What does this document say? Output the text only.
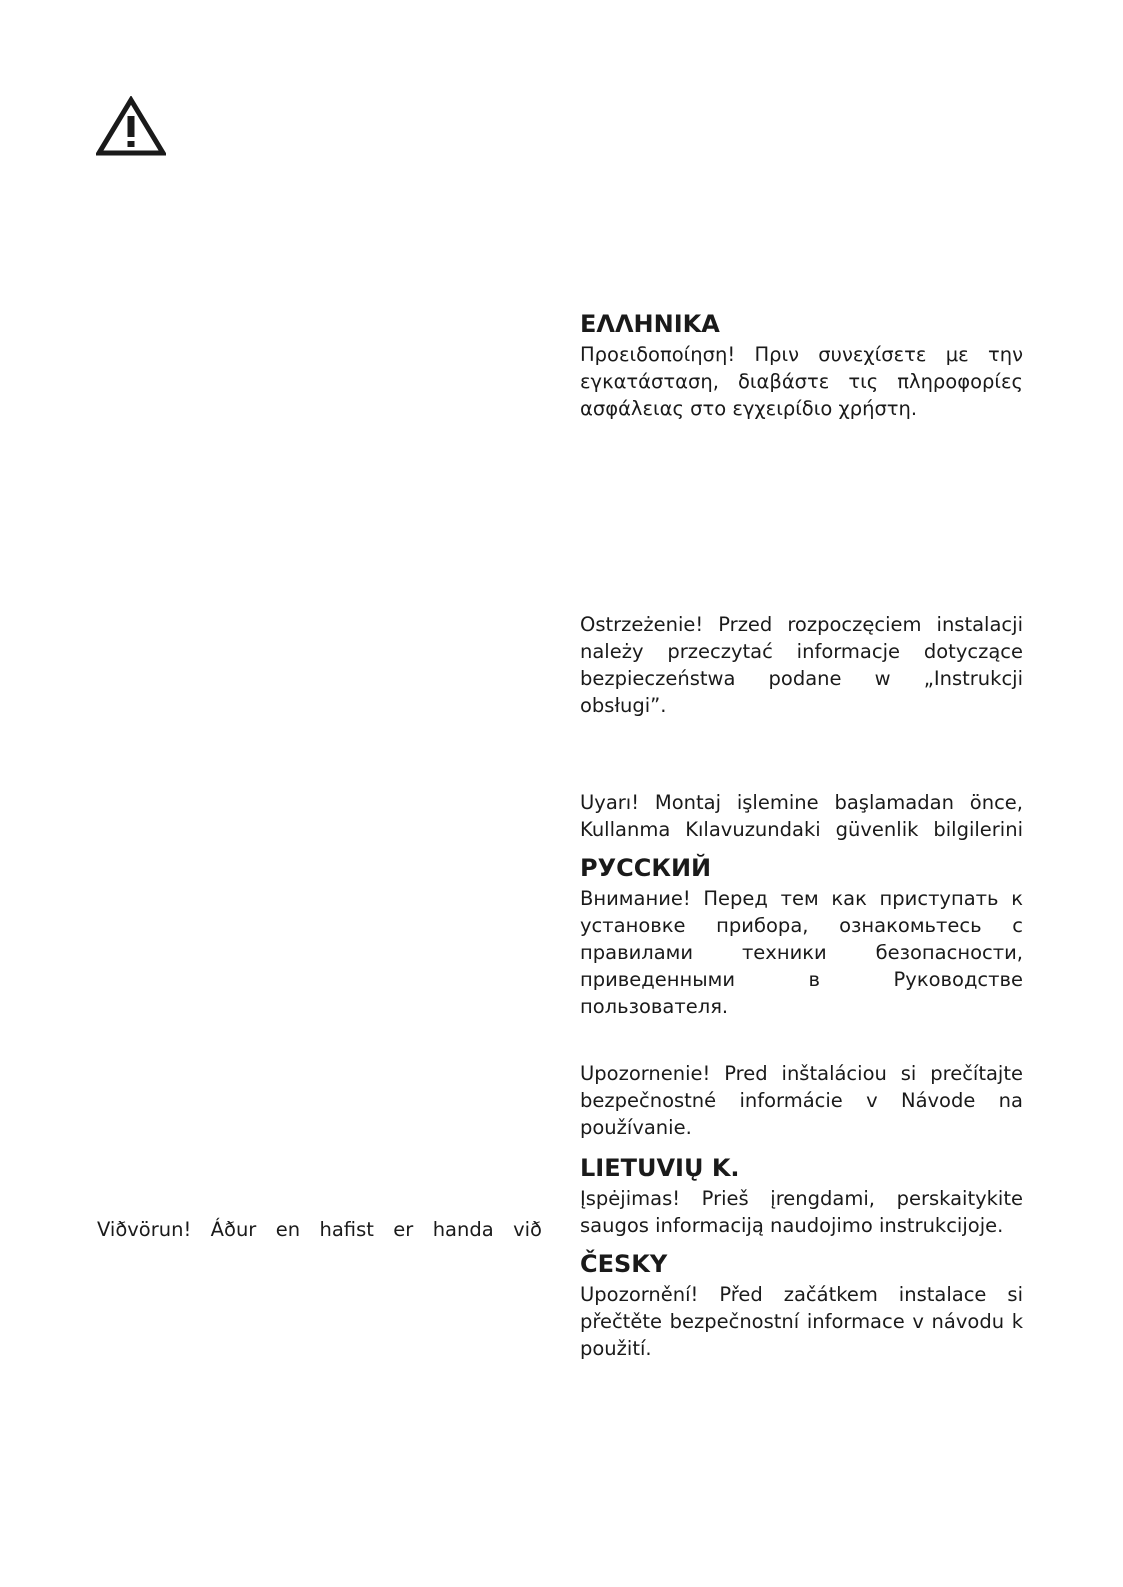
ΕΛΛΗΝΙΚΑ

Προειδοποίηση! Πριν συνεχίσετε με την εγκατάσταση, διαβάστε τις πληροφορίες ασφάλειας στο εγχειρίδιο χρήστη.

Ostrzeżenie! Przed rozpoczęciem instalacji należy przeczytać informacje dotyczące bezpieczeństwa podane w „Instrukcji obsługi”.

Uyarı! Montaj işlemine başlamadan önce, Kullanma Kılavuzundaki güvenlik bilgilerini

РУССКИЙ

Внимание! Перед тем как приступать к установке прибора, ознакомьтесь с правилами техники безопасности, приведенными в Руководстве пользователя.

Upozornenie! Pred inštaláciou si prečítajte bezpečnostné informácie v Návode na používanie.

LIETUVIŲ K.

Įspėjimas! Prieš įrengdami, perskaitykite saugos informaciją naudojimo instrukcijoje.

ČESKY

Upozornění! Před začátkem instalace si přečtěte bezpečnostní informace v návodu k použití.

Viðvörun! Áður en hafist er handa við
